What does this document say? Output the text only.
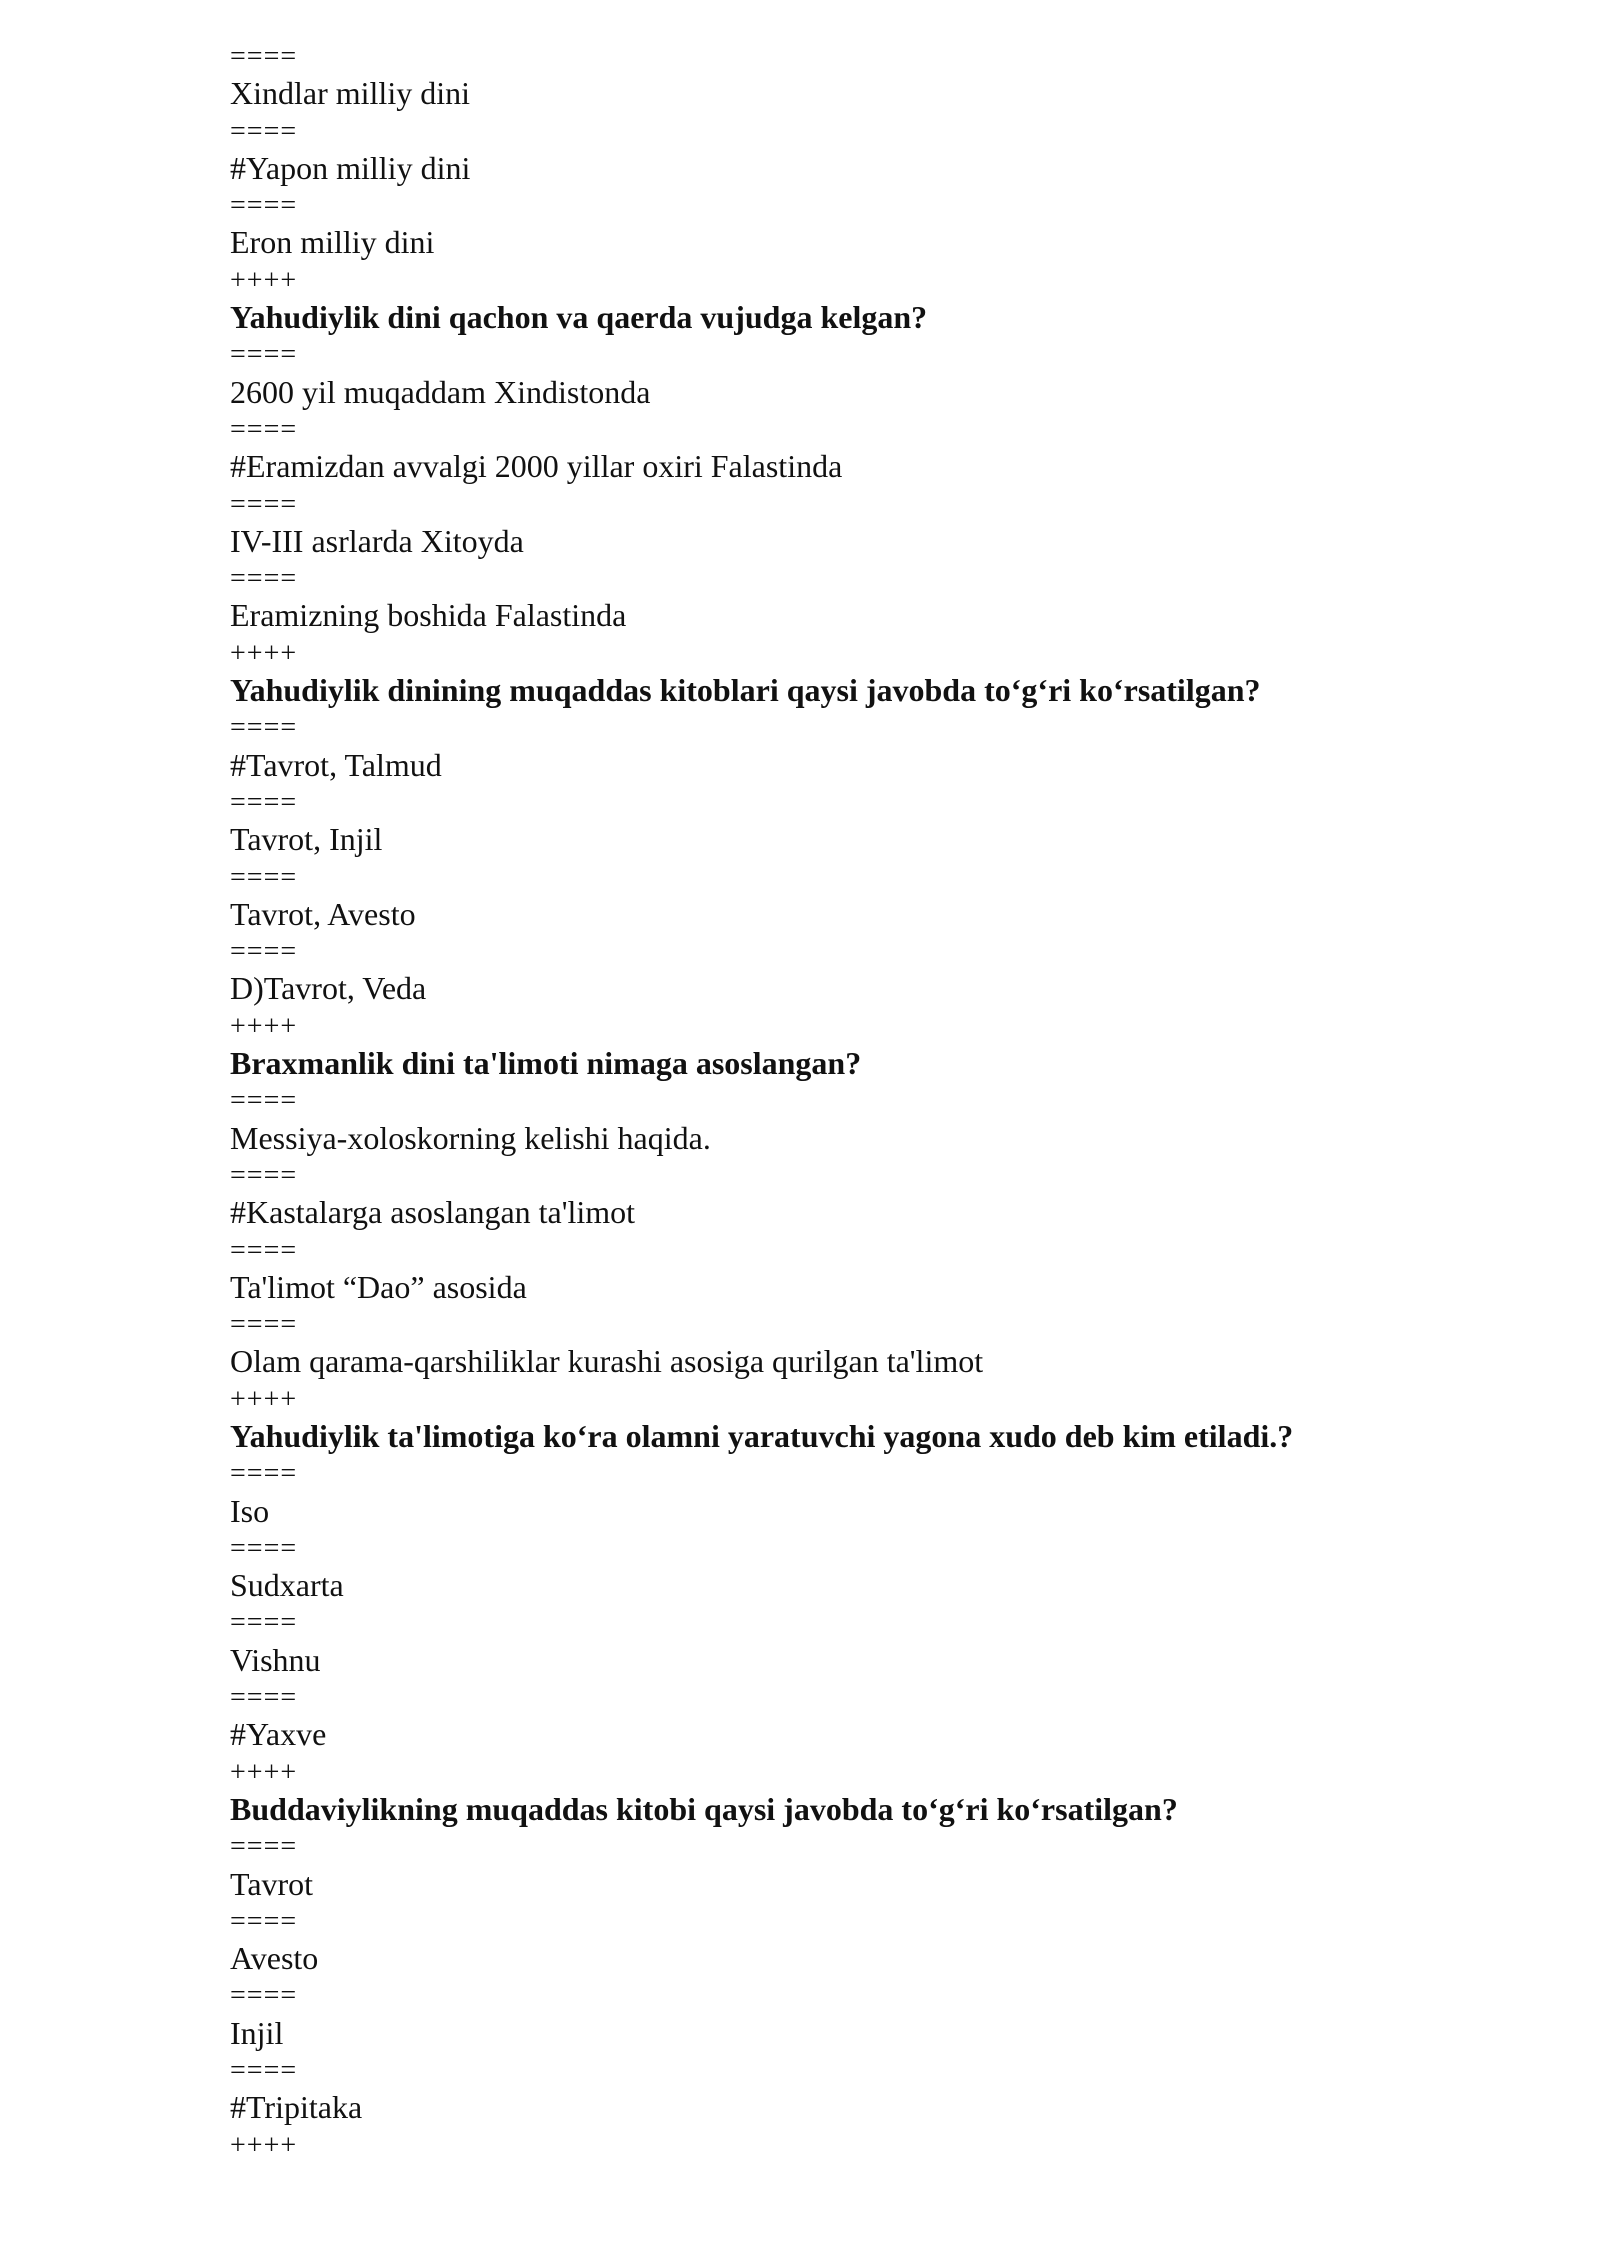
====
Xindlar milliy dini
====
#Yapon milliy dini
====
Eron milliy dini
++++
Yahudiylik dini qachon va qaerda vujudga kelgan?
====
2600 yil muqaddam Xindistonda
====
#Eramizdan avvalgi 2000 yillar oxiri Falastinda
====
IV-III asrlarda Xitoyda
====
Eramizning boshida Falastinda
++++
Yahudiylik dinining muqaddas kitoblari qaysi javobda to‘g‘ri ko‘rsatilgan?
====
#Tavrot, Talmud
====
Tavrot, Injil
====
Tavrot, Avesto
====
D)Tavrot, Veda
++++
Braxmanlik dini ta'limoti nimaga asoslangan?
====
Messiya-xoloskorning kelishi haqida.
====
#Kastalarga asoslangan ta'limot
====
Ta'limot “Dao” asosida
====
Olam qarama-qarshiliklar kurashi asosiga qurilgan ta'limot
++++
Yahudiylik ta'limotiga ko‘ra olamni yaratuvchi yagona xudo deb kim etiladi.?
====
Iso
====
Sudxarta
====
Vishnu
====
#Yaxve
++++
Buddaviylikning muqaddas kitobi qaysi javobda to‘g‘ri ko‘rsatilgan?
====
Tavrot
====
Avesto
====
Injil
====
#Tripitaka
++++
